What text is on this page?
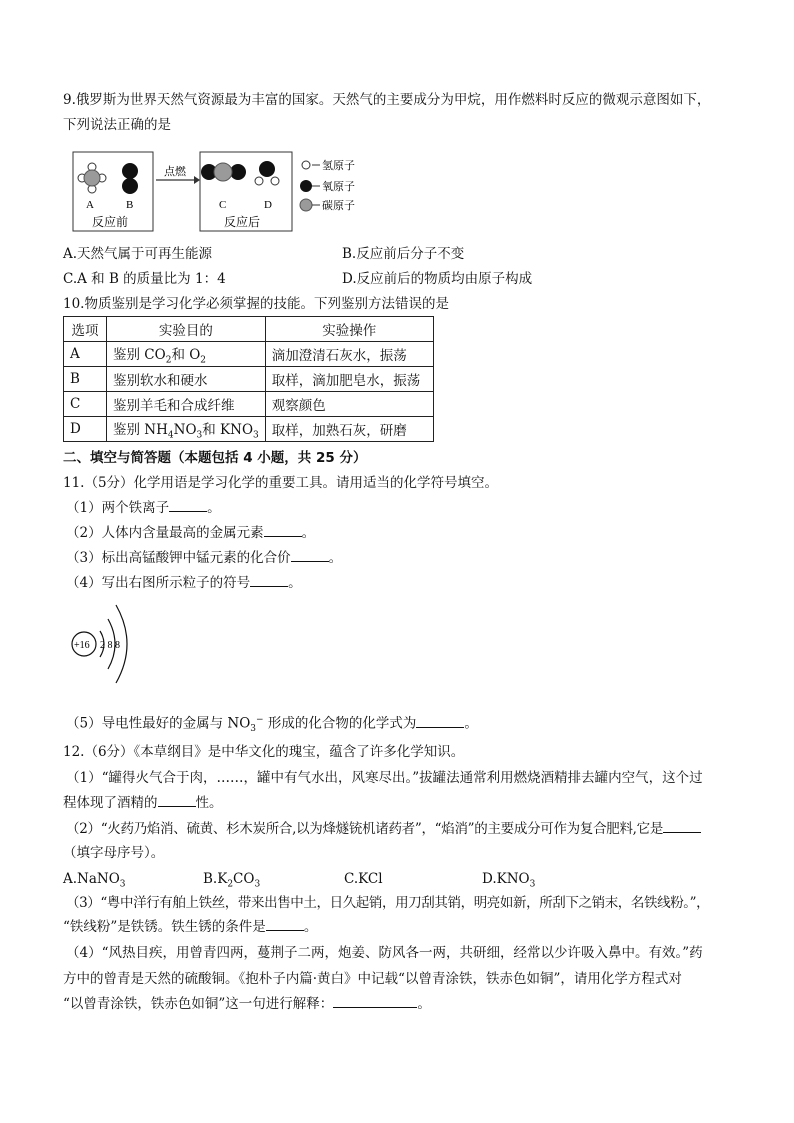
9.俄罗斯为世界天然气资源最为丰富的国家。天然气的主要成分为甲烷，用作燃料时反应的微观示意图如下，
下列说法正确的是
A	B
反应前
点燃
C	D
反应后
氢原子
氧原子
碳原子
A.天然气属于可再生能源	B.反应前后分子不变
C.A 和 B 的质量比为 1：4	D.反应前后的物质均由原子构成
10.物质鉴别是学习化学必须掌握的技能。下列鉴别方法错误的是
选项	实验目的	实验操作
A	鉴别 $CO_2$和 $O_2$	滴加澄清石灰水，振荡
B	鉴别软水和硬水	取样，滴加肥皂水，振荡
C	鉴别羊毛和合成纤维	观察颜色
D	鉴别 $NH_4NO_3$和 $KNO_3$	取样，加熟石灰，研磨
二、填空与简答题（本题包括 4 小题，共 25 分）
11.（5分）化学用语是学习化学的重要工具。请用适当的化学符号填空。
（1）两个铁离子	。
（2）人体内含量最高的金属元素	。
（3）标出高锰酸钾中锰元素的化合价	。
（4）写出右图所示粒子的符号	。
+16 2 8 8
（5）导电性最好的金属与 $NO_3^-$ 形成的化合物的化学式为	。
12.（6分）《本草纲目》是中华文化的瑰宝，蕴含了许多化学知识。
（1）“罐得火气合于肉，……，罐中有气水出，风寒尽出。”拔罐法通常利用燃烧酒精排去罐内空气，这个过
程体现了酒精的	性。
（2）“火药乃焰消、硫黄、杉木炭所合,以为烽燧铳机诸药者”，“焰消”的主要成分可作为复合肥料,它是
（填字母序号）。
A.NaNO$_3$	$B.K_2CO_3$	C.KCl	$D.KNO_3$
（3）“粤中洋行有舶上铁丝，带来出售中土，日久起销，用刀刮其销，明亮如新，所刮下之销末，名铁线粉。”，
“铁线粉”是铁锈。铁生锈的条件是	。
（4）“风热目疾，用曾青四两，蔓荆子二两，炮姜、防风各一两，共研细，经常以少许吸入鼻中。有效。”药
方中的曾青是天然的硫酸铜。《抱朴子内篇·黄白》中记载“以曾青涂铁，铁赤色如铜”，请用化学方程式对
“以曾青涂铁，铁赤色如铜”这一句进行解释：	。
